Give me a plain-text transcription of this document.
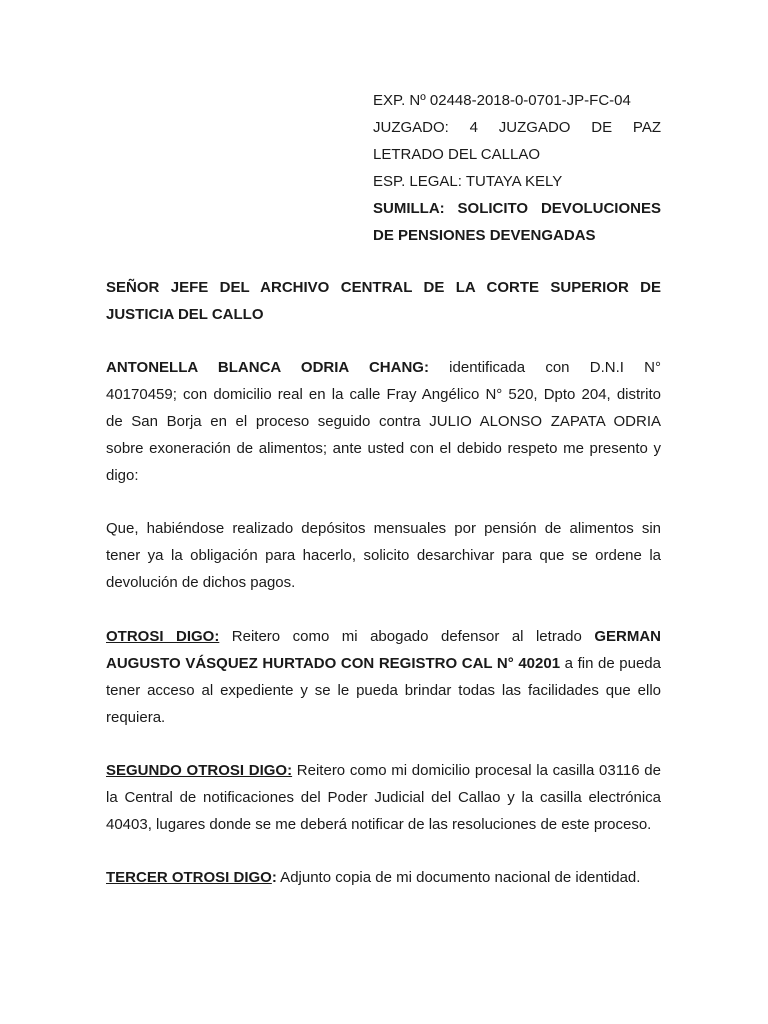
EXP. Nº 02448-2018-0-0701-JP-FC-04
JUZGADO: 4 JUZGADO DE PAZ
LETRADO DEL CALLAO
ESP. LEGAL: TUTAYA KELY
SUMILLA: SOLICITO DEVOLUCIONES
DE PENSIONES DEVENGADAS
SEÑOR JEFE DEL ARCHIVO CENTRAL DE LA CORTE SUPERIOR DE
JUSTICIA DEL CALLO
ANTONELLA BLANCA ODRIA CHANG: identificada con D.N.I N°
40170459; con domicilio real en la calle Fray Angélico N° 520, Dpto 204, distrito
de San Borja en el proceso seguido contra JULIO ALONSO ZAPATA ODRIA
sobre exoneración de alimentos; ante usted con el debido respeto me presento y
digo:
Que, habiéndose realizado depósitos mensuales por pensión de alimentos sin
tener ya la obligación para hacerlo, solicito desarchivar para que se ordene la
devolución de dichos pagos.
OTROSI DIGO: Reitero como mi abogado defensor al letrado GERMAN
AUGUSTO VÁSQUEZ HURTADO CON REGISTRO CAL N° 40201 a fin de pueda
tener acceso al expediente y se le pueda brindar todas las facilidades que ello
requiera.
SEGUNDO OTROSI DIGO: Reitero como mi domicilio procesal la casilla 03116 de
la Central de notificaciones del Poder Judicial del Callao y la casilla electrónica
40403, lugares donde se me deberá notificar de las resoluciones de este proceso.
TERCER OTROSI DIGO: Adjunto copia de mi documento nacional de identidad.
